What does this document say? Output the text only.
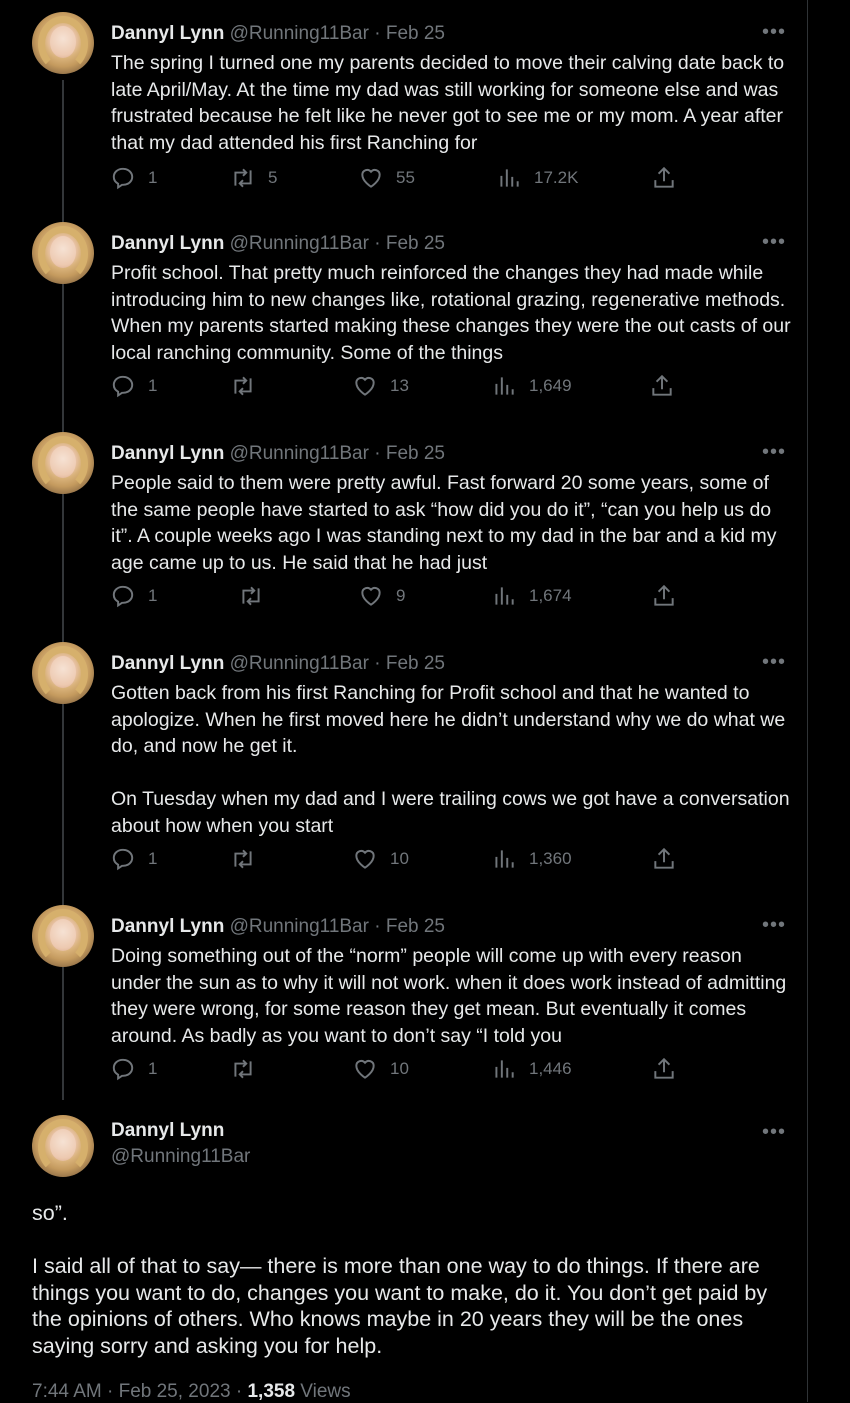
Dannyl Lynn @Running11Bar · Feb 25	•••
The spring I turned one my parents decided to move their calving date back to late April/May. At the time my dad was still working for someone else and was frustrated because he felt like he never got to see me or my mom. A year after that my dad attended his first Ranching for
1	5	55	17.2K
Dannyl Lynn @Running11Bar · Feb 25	•••
Profit school. That pretty much reinforced the changes they had made while introducing him to new changes like, rotational grazing, regenerative methods. When my parents started making these changes they were the out casts of our local ranching community. Some of the things
1	13	1,649
Dannyl Lynn @Running11Bar · Feb 25	•••
People said to them were pretty awful. Fast forward 20 some years, some of the same people have started to ask “how did you do it”, “can you help us do it”. A couple weeks ago I was standing next to my dad in the bar and a kid my age came up to us. He said that he had just
1	9	1,674
Dannyl Lynn @Running11Bar · Feb 25	•••
Gotten back from his first Ranching for Profit school and that he wanted to apologize. When he first moved here he didn’t understand why we do what we do, and now he get it.

On Tuesday when my dad and I were trailing cows we got have a conversation about how when you start
1	10	1,360
Dannyl Lynn @Running11Bar · Feb 25	•••
Doing something out of the “norm” people will come up with every reason under the sun as to why it will not work. when it does work instead of admitting they were wrong, for some reason they get mean. But eventually it comes around. As badly as you want to don’t say “I told you
1	10	1,446
Dannyl Lynn
@Running11Bar
•••
so”.

I said all of that to say— there is more than one way to do things. If there are things you want to do, changes you want to make, do it. You don’t get paid by the opinions of others. Who knows maybe in 20 years they will be the ones saying sorry and asking you for help.
7:44 AM · Feb 25, 2023 · 1,358 Views
